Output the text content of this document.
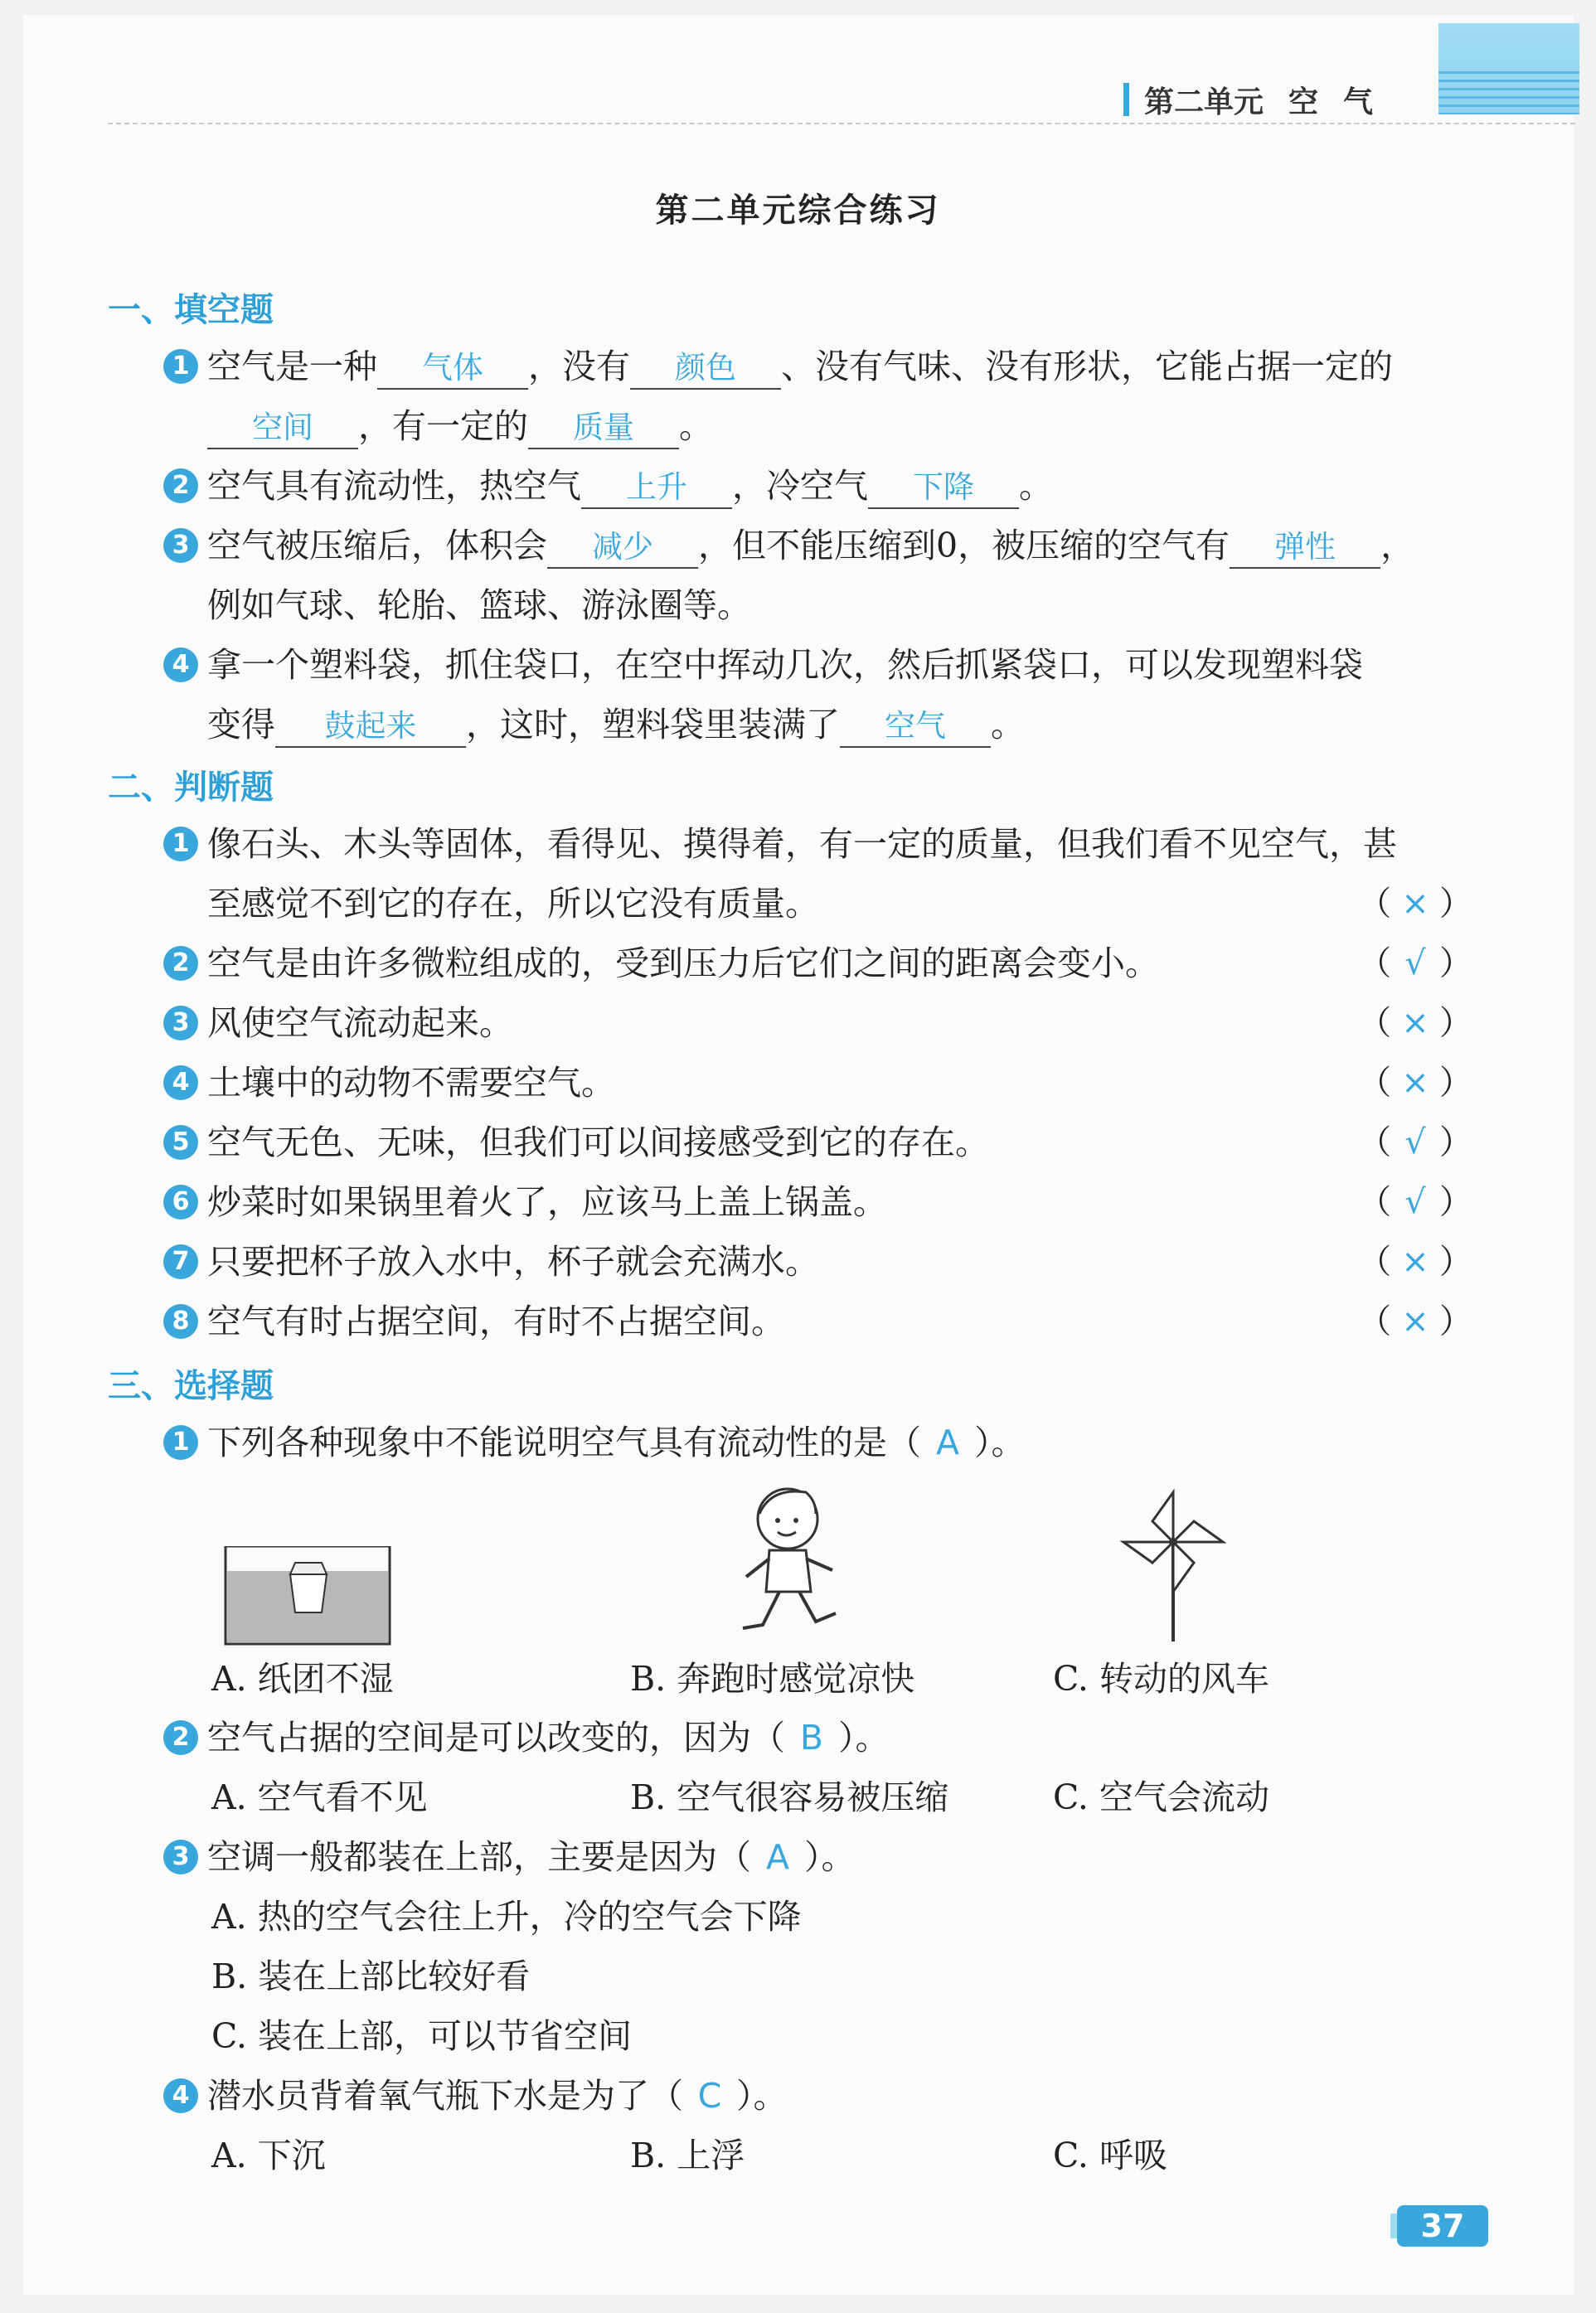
第二单元 空 气
第二单元综合练习
一、填空题
1 空气是一种 气体 ，没有 颜色 、没有气味、没有形状，它能占据一定的
空间 ，有一定的 质量 。
2 空气具有流动性，热空气 上升 ，冷空气 下降 。
3 空气被压缩后，体积会 减少 ，但不能压缩到0，被压缩的空气有 弹性 ，
例如气球、轮胎、篮球、游泳圈等。
4 拿一个塑料袋，抓住袋口，在空中挥动几次，然后抓紧袋口，可以发现塑料袋
变得 鼓起来 ，这时，塑料袋里装满了 空气 。
二、判断题
1 像石头、木头等固体，看得见、摸得着，有一定的质量，但我们看不见空气，甚
至感觉不到它的存在，所以它没有质量。	（ × ）
2 空气是由许多微粒组成的，受到压力后它们之间的距离会变小。	（ √ ）
3 风使空气流动起来。	（ × ）
4 土壤中的动物不需要空气。	（ × ）
5 空气无色、无味，但我们可以间接感受到它的存在。	（ √ ）
6 炒菜时如果锅里着火了，应该马上盖上锅盖。	（ √ ）
7 只要把杯子放入水中，杯子就会充满水。	（ × ）
8 空气有时占据空间，有时不占据空间。	（ × ）
三、选择题
1 下列各种现象中不能说明空气具有流动性的是（ A ）。
A. 纸团不湿	B. 奔跑时感觉凉快	C. 转动的风车
2 空气占据的空间是可以改变的，因为（ B ）。
A. 空气看不见	B. 空气很容易被压缩	C. 空气会流动
3 空调一般都装在上部，主要是因为（ A ）。
A. 热的空气会往上升，冷的空气会下降
B. 装在上部比较好看
C. 装在上部，可以节省空间
4 潜水员背着氧气瓶下水是为了（ C ）。
A. 下沉	B. 上浮	C. 呼吸
37
